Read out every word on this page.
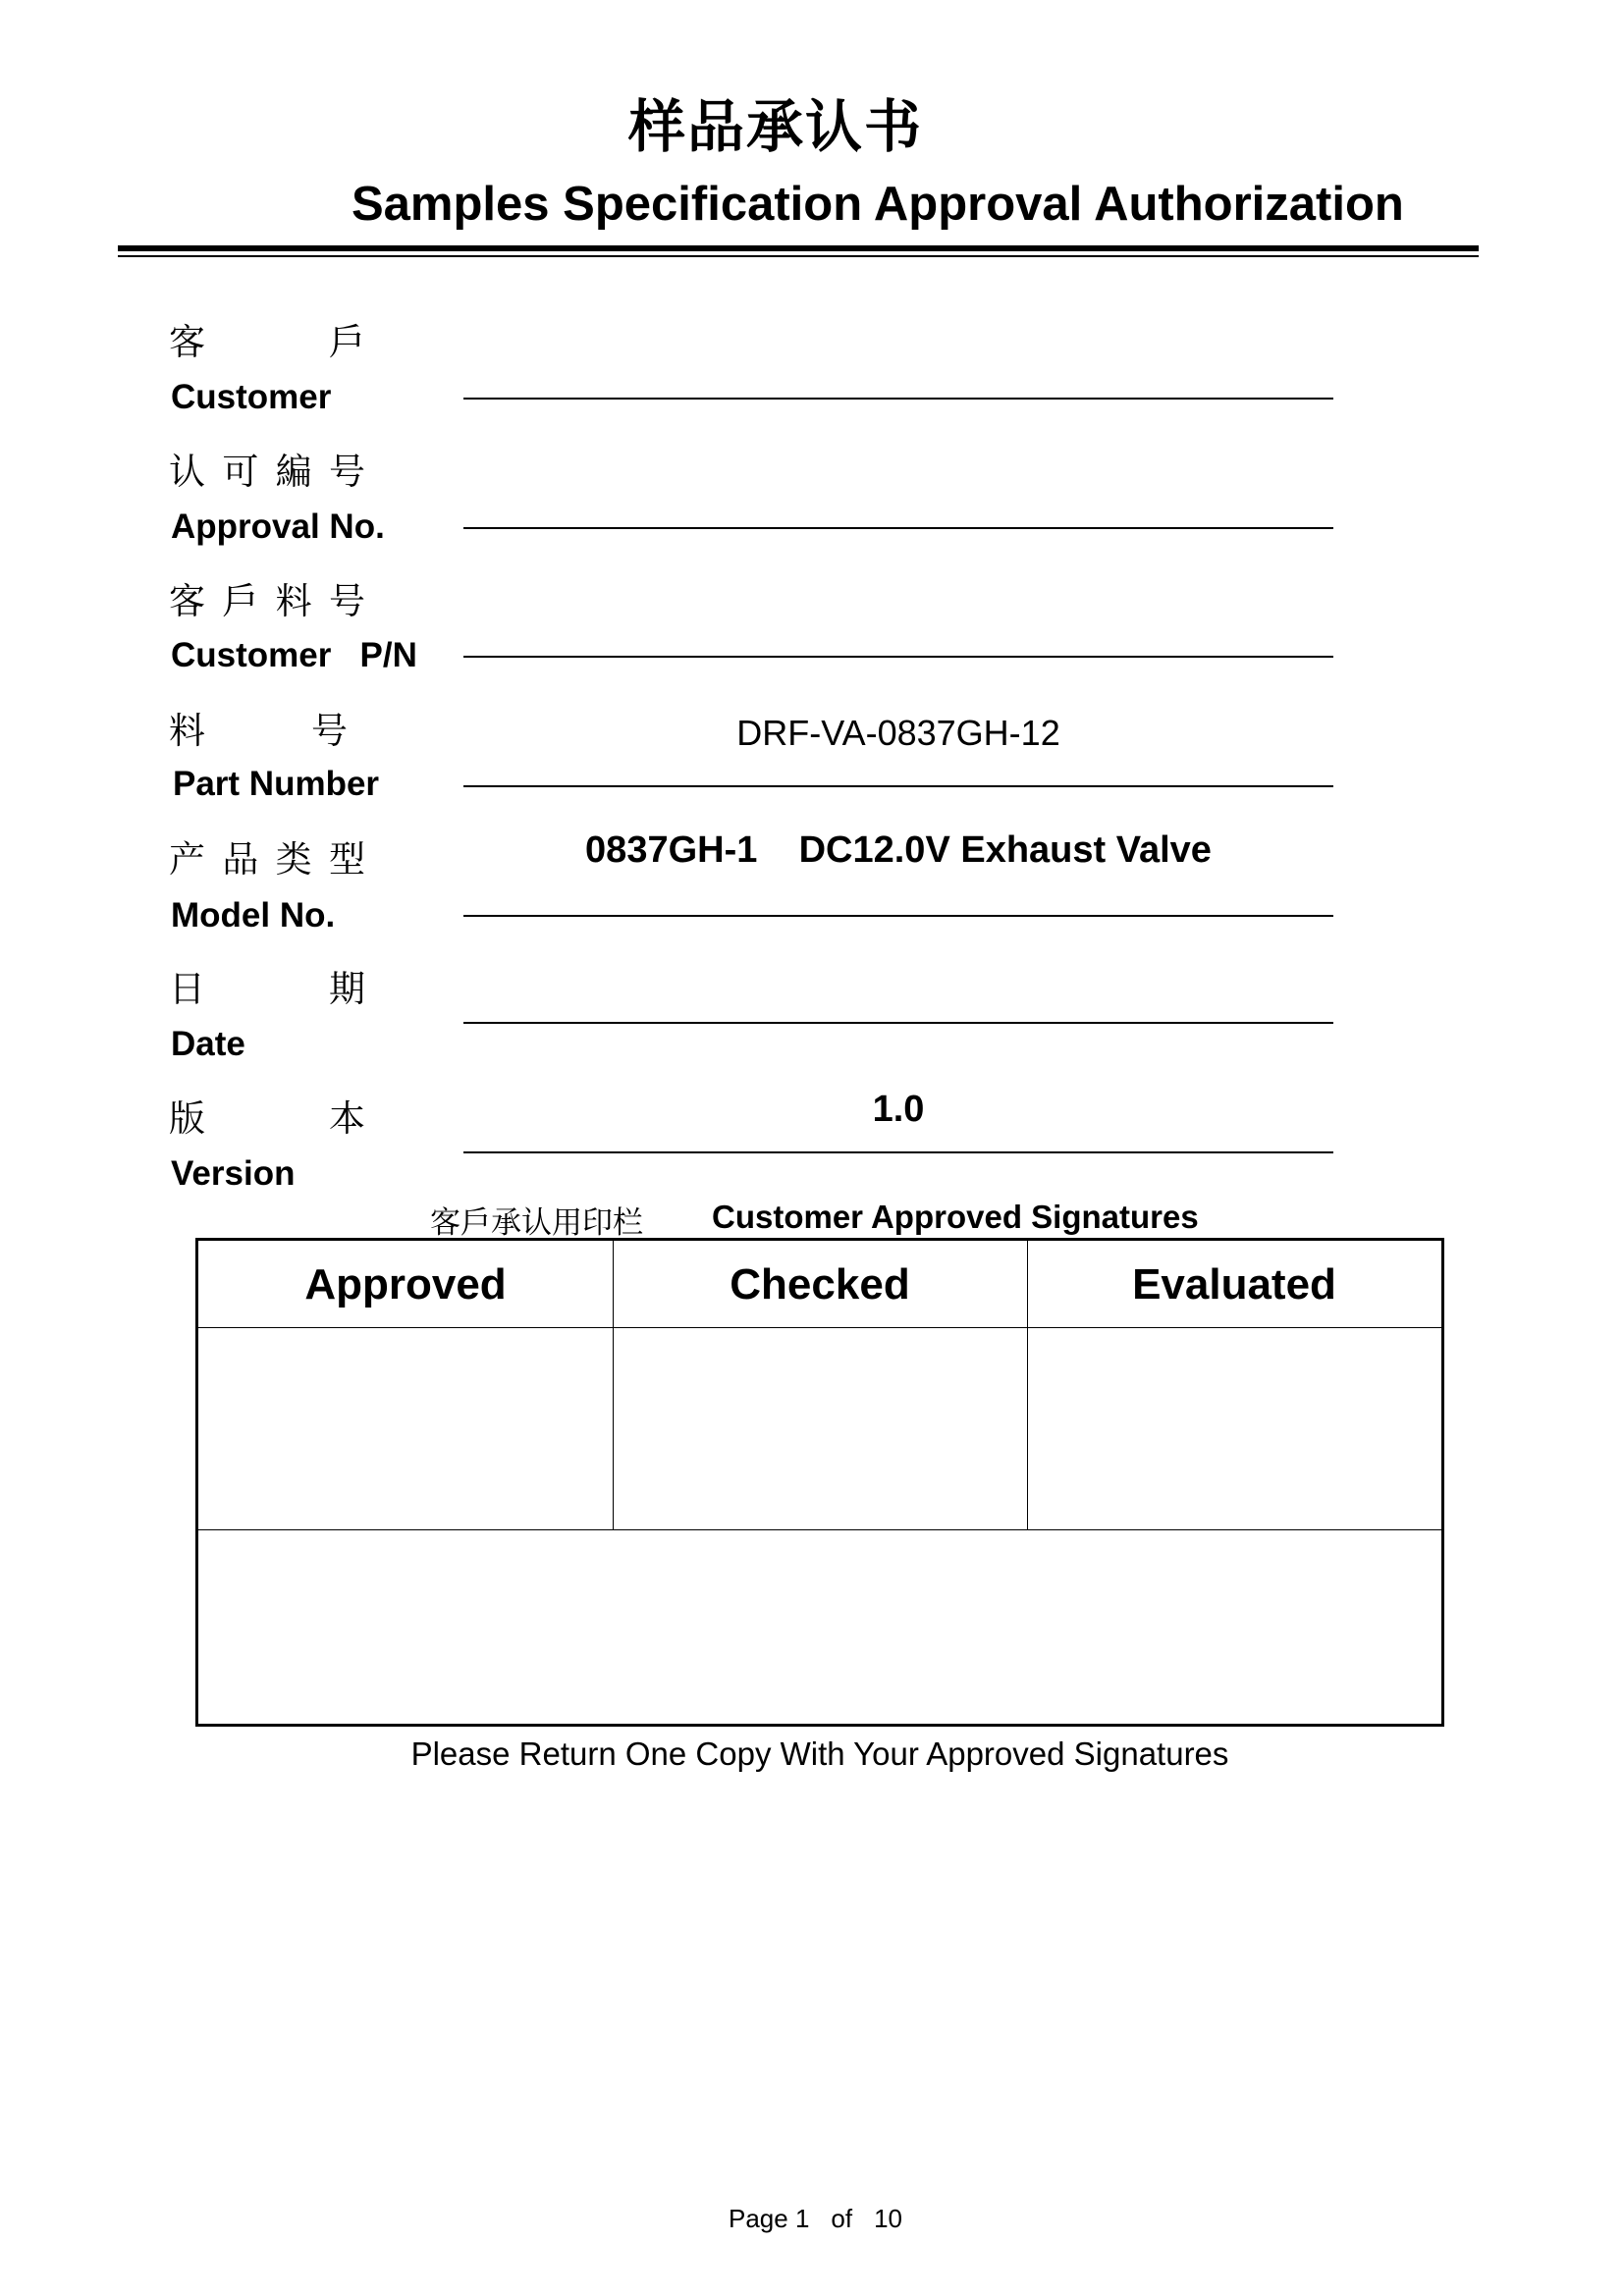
样品承认书
Samples Specification Approval Authorization
客	戶
Customer
认 可 編 号
Approval No.
客 戶 料 号
Customer   P/N
料	号
Part Number
DRF-VA-0837GH-12
产 品 类 型
Model No.
0837GH-1    DC12.0V Exhaust Valve
日	期
Date
版	本
Version
1.0
客戶承认用印栏 Customer Approved Signatures
Approved	Checked	Evaluated
Please Return One Copy With Your Approved Signatures
Page 1 of 10
